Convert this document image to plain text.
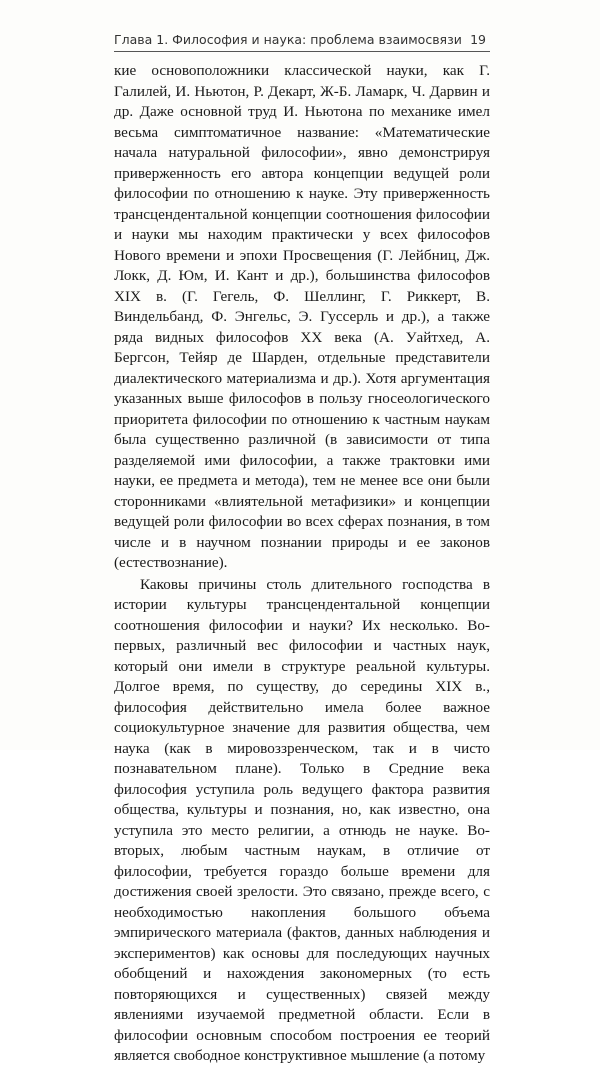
Глава 1. Философия и наука: проблема взаимосвязи 19

кие основоположники классической науки, как Г. Галилей, И. Ньютон, Р. Декарт, Ж-Б. Ламарк, Ч. Дарвин и др. Даже основной труд И. Ньютона по механике имел весьма симптоматичное название: «Математические начала натуральной философии», явно демонстрируя приверженность его автора концепции ведущей роли философии по отношению к науке. Эту приверженность трансцендентальной концепции соотношения философии и науки мы находим практически у всех философов Нового времени и эпохи Просвещения (Г. Лейбниц, Дж. Локк, Д. Юм, И. Кант и др.), большинства философов XIX в. (Г. Гегель, Ф. Шеллинг, Г. Риккерт, В. Виндельбанд, Ф. Энгельс, Э. Гуссерль и др.), а также ряда видных философов XX века (А. Уайтхед, А. Бергсон, Тейяр де Шарден, отдельные представители диалектического материализма и др.). Хотя аргументация указанных выше философов в пользу гносеологического приоритета философии по отношению к частным наукам была существенно различной (в зависимости от типа разделяемой ими философии, а также трактовки ими науки, ее предмета и метода), тем не менее все они были сторонниками «влиятельной метафизики» и концепции ведущей роли философии во всех сферах познания, в том числе и в научном познании природы и ее законов (естествознание).

Каковы причины столь длительного господства в истории культуры трансцендентальной концепции соотношения философии и науки? Их несколько. Во-первых, различный вес философии и частных наук, который они имели в структуре реальной культуры. Долгое время, по существу, до середины XIX в., философия действительно имела более важное социокультурное значение для развития общества, чем наука (как в мировоззренческом, так и в чисто познавательном плане). Только в Средние века философия уступила роль ведущего фактора развития общества, культуры и познания, но, как известно, она уступила это место религии, а отнюдь не науке. Во-вторых, любым частным наукам, в отличие от философии, требуется гораздо больше времени для достижения своей зрелости. Это связано, прежде всего, с необходимостью накопления большого объема эмпирического материала (фактов, данных наблюдения и экспериментов) как основы для последующих научных обобщений и нахождения закономерных (то есть повторяющихся и существенных) связей между явлениями изучаемой предметной области. Если в философии основным способом построения ее теорий является свободное конструктивное мышление (а потому
